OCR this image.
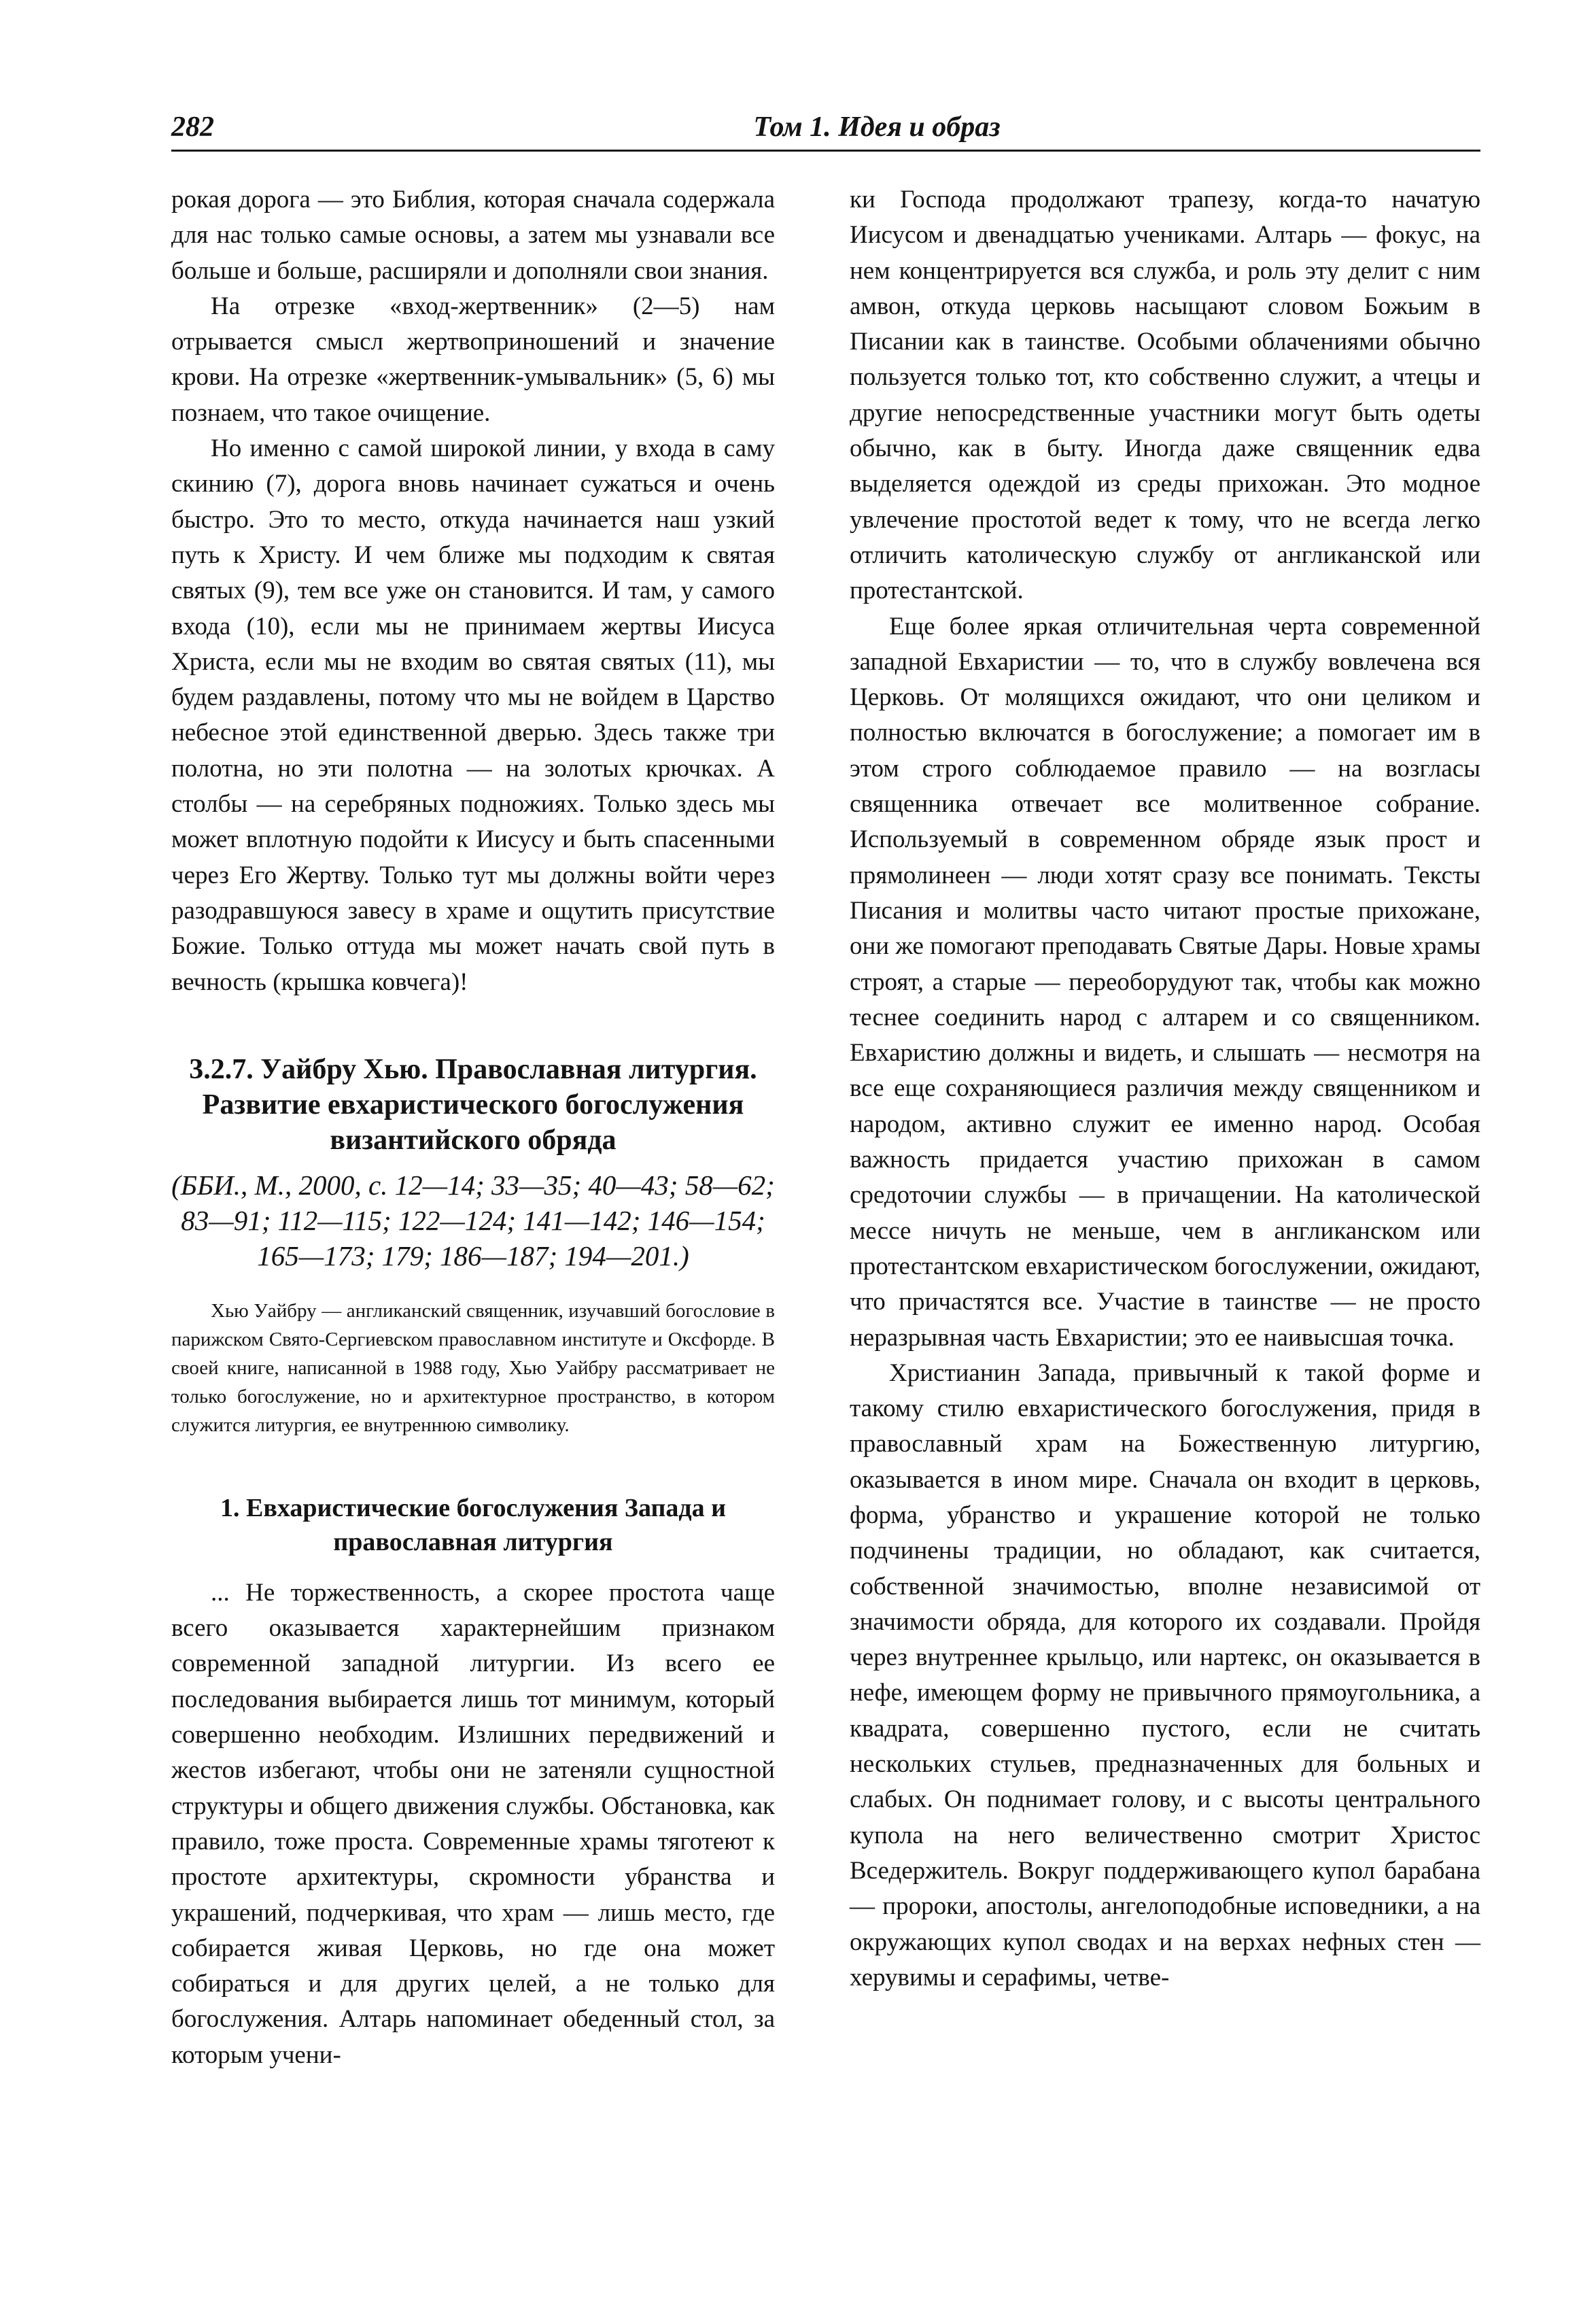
282	Том 1. Идея и образ

рокая дорога — это Библия, которая сначала содержала для нас только самые основы, а затем мы узнавали все больше и больше, расширяли и дополняли свои знания.

На отрезке «вход-жертвенник» (2—5) нам отрывается смысл жертвоприношений и значение крови. На отрезке «жертвенник-умывальник» (5, 6) мы познаем, что такое очищение.

Но именно с самой широкой линии, у входа в саму скинию (7), дорога вновь начинает сужаться и очень быстро. Это то место, откуда начинается наш узкий путь к Христу. И чем ближе мы подходим к святая святых (9), тем все уже он становится. И там, у самого входа (10), если мы не принимаем жертвы Иисуса Христа, если мы не входим во святая святых (11), мы будем раздавлены, потому что мы не войдем в Царство небесное этой единственной дверью. Здесь также три полотна, но эти полотна — на золотых крючках. А столбы — на серебряных подножиях. Только здесь мы может вплотную подойти к Иисусу и быть спасенными через Его Жертву. Только тут мы должны войти через разодравшуюся завесу в храме и ощутить присутствие Божие. Только оттуда мы может начать свой путь в вечность (крышка ковчега)!

3.2.7. Уайбру Хью. Православная литургия. Развитие евхаристического богослужения византийского обряда
(ББИ., М., 2000, с. 12—14; 33—35; 40—43; 58—62; 83—91; 112—115; 122—124; 141—142; 146—154; 165—173; 179; 186—187; 194—201.)

Хью Уайбру — англиканский священник, изучавший богословие в парижском Свято-Сергиевском православном институте и Оксфорде. В своей книге, написанной в 1988 году, Хью Уайбру рассматривает не только богослужение, но и архитектурное пространство, в котором служится литургия, ее внутреннюю символику.

1. Евхаристические богослужения Запада и православная литургия

... Не торжественность, а скорее простота чаще всего оказывается характернейшим признаком современной западной литургии. Из всего ее последования выбирается лишь тот минимум, который совершенно необходим. Излишних передвижений и жестов избегают, чтобы они не затеняли сущностной структуры и общего движения службы. Обстановка, как правило, тоже проста. Современные храмы тяготеют к простоте архитектуры, скромности убранства и украшений, подчеркивая, что храм — лишь место, где собирается живая Церковь, но где она может собираться и для других целей, а не только для богослужения. Алтарь напоминает обеденный стол, за которым учени-

ки Господа продолжают трапезу, когда-то начатую Иисусом и двенадцатью учениками. Алтарь — фокус, на нем концентрируется вся служба, и роль эту делит с ним амвон, откуда церковь насыщают словом Божьим в Писании как в таинстве. Особыми облачениями обычно пользуется только тот, кто собственно служит, а чтецы и другие непосредственные участники могут быть одеты обычно, как в быту. Иногда даже священник едва выделяется одеждой из среды прихожан. Это модное увлечение простотой ведет к тому, что не всегда легко отличить католическую службу от англиканской или протестантской.

Еще более яркая отличительная черта современной западной Евхаристии — то, что в службу вовлечена вся Церковь. От молящихся ожидают, что они целиком и полностью включатся в богослужение; а помогает им в этом строго соблюдаемое правило — на возгласы священника отвечает все молитвенное собрание. Используемый в современном обряде язык прост и прямолинеен — люди хотят сразу все понимать. Тексты Писания и молитвы часто читают простые прихожане, они же помогают преподавать Святые Дары. Новые храмы строят, а старые — переоборудуют так, чтобы как можно теснее соединить народ с алтарем и со священником. Евхаристию должны и видеть, и слышать — несмотря на все еще сохраняющиеся различия между священником и народом, активно служит ее именно народ. Особая важность придается участию прихожан в самом средоточии службы — в причащении. На католической мессе ничуть не меньше, чем в англиканском или протестантском евхаристическом богослужении, ожидают, что причастятся все. Участие в таинстве — не просто неразрывная часть Евхаристии; это ее наивысшая точка.

Христианин Запада, привычный к такой форме и такому стилю евхаристического богослужения, придя в православный храм на Божественную литургию, оказывается в ином мире. Сначала он входит в церковь, форма, убранство и украшение которой не только подчинены традиции, но обладают, как считается, собственной значимостью, вполне независимой от значимости обряда, для которого их создавали. Пройдя через внутреннее крыльцо, или нартекс, он оказывается в нефе, имеющем форму не привычного прямоугольника, а квадрата, совершенно пустого, если не считать нескольких стульев, предназначенных для больных и слабых. Он поднимает голову, и с высоты центрального купола на него величественно смотрит Христос Вседержитель. Вокруг поддерживающего купол барабана — пророки, апостолы, ангелоподобные исповедники, а на окружающих купол сводах и на верхах нефных стен — херувимы и серафимы, четве-
